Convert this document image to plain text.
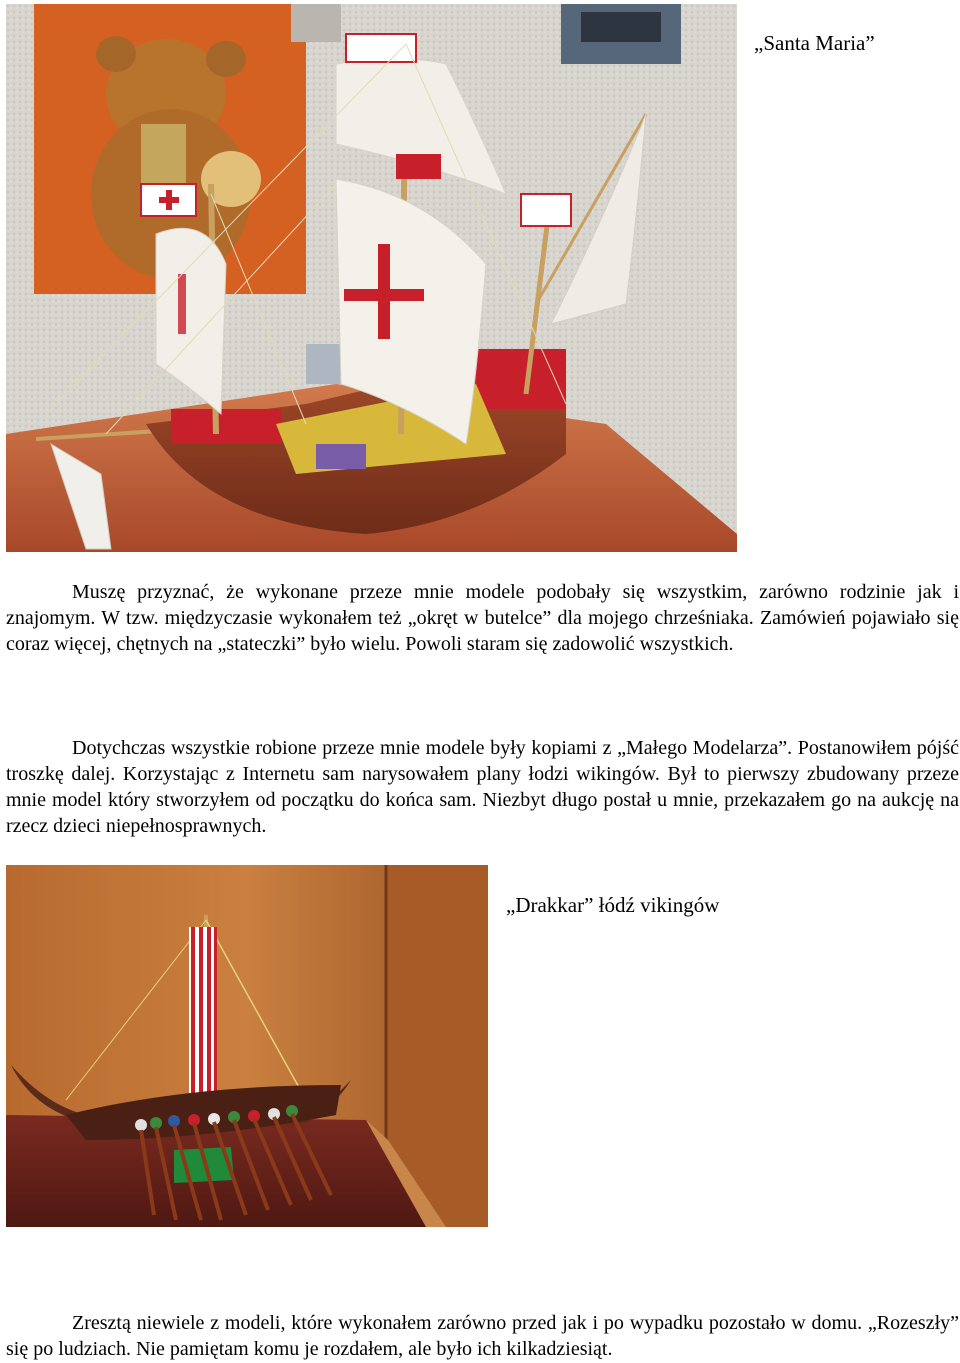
„Santa Maria”

Muszę przyznać, że wykonane przeze mnie modele podobały się wszystkim, zarówno rodzinie jak i znajomym. W tzw. międzyczasie wykonałem też „okręt w butelce” dla mojego chrześniaka. Zamówień pojawiało się coraz więcej, chętnych na „stateczki” było wielu. Powoli staram się zadowolić wszystkich.

Dotychczas wszystkie robione przeze mnie modele były kopiami z „Małego Modelarza”. Postanowiłem pójść troszkę dalej. Korzystając z Internetu sam narysowałem plany łodzi wikingów. Był to pierwszy zbudowany przeze mnie model który stworzyłem od początku do końca sam. Niezbyt długo postał u mnie, przekazałem go na aukcję na rzecz dzieci niepełnosprawnych.

„Drakkar” łódź vikingów

Zresztą niewiele z modeli, które wykonałem zarówno przed jak i po wypadku pozostało w domu. „Rozeszły” się po ludziach. Nie pamiętam komu je rozdałem, ale było ich kilkadziesiąt.
